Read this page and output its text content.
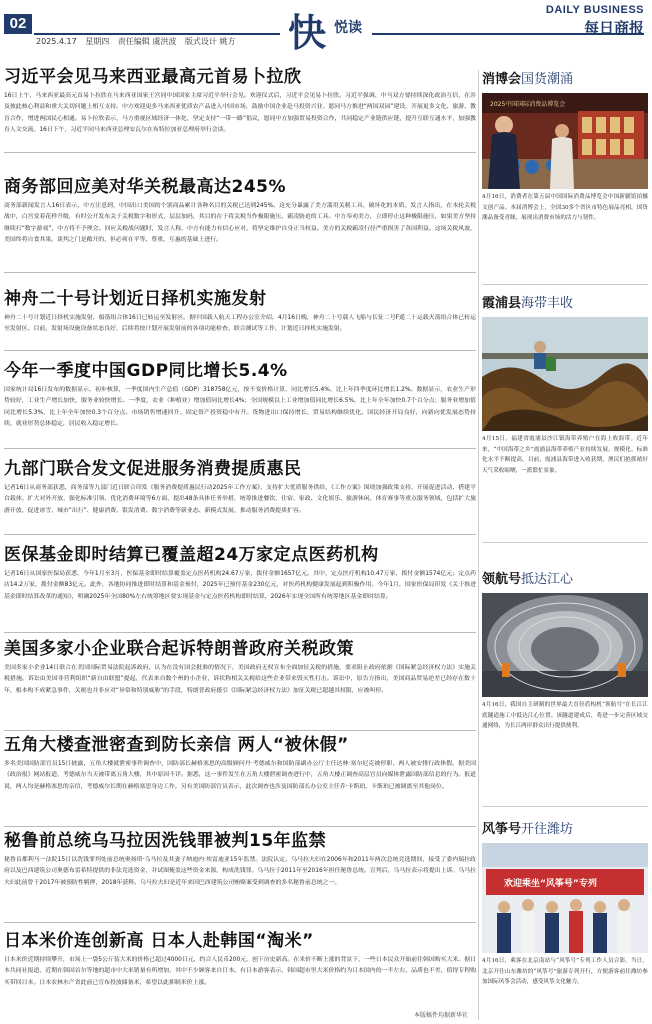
02
2025.4.17 星期四 责任编辑 虞洪波 版式设计 姚方 快 悦读
DAILY BUSINESS
每日商报
习近平会见马来西亚最高元首易卜拉欣
16日上午，马来西亚最高元首易卜拉欣在马来西亚国家王宫同中国国家主席习近平举行会见。欢迎仪式后，习近平会见易卜拉欣。习近平强调，中马双方要持续深化政治互信，在涉及彼此核心利益和重大关切问题上相互支持。中方欢迎更多马来西亚优质农产品进入中国市场，鼓励中国企业赴马投资兴业。愿同马方推进“两国双园”建设，开展更多文化、旅游、教育合作，增进两国民心相通。易卜拉欣表示，马方重视区域经济一体化，坚定支持“一带一路”倡议，愿同中方加强贸易投资合作，共同稳定产业链供应链，提升互联互通水平，加强教育人文交流。16日下午，习近平同马来西亚总理安瓦尔在布特拉加亚总理府举行会谈。
商务部回应美对华关税最高达245%
商务部新闻发言人16日表示，中方注意到，中国出口美国的个别商品累计各种名目的关税已达到245%。这充分暴露了美方滥用关税工具、破坏化的本质。发言人指出，在本轮关税战中，白宫变着花样升级，有时公开发布关于关税数字和形式，层层加码，其目的在于将关税当作极限施压、霸凌胁迫的工具。中方奉劝美方，立即停止这种极限施压，如果美方坚持继续打“数字游戏”，中方将不予理会。回应关税战问题时，发言人称，中方有能力有信心应对，将坚定维护自身正当权益。美方的关税霸凌行径严重损害了各国利益。这场关税风波，美国终将自食其果。谈判之门是敞开的，但必须在平等、尊重、互惠的基础上进行。
神舟二十号计划近日择机实施发射
神舟二十号计划近日择机实施发射，船箭组合体16日已转运至发射区。据中国载人航天工程办公室介绍，4月16日晚，神舟二十号载人飞船与长征二号F遥二十运载火箭组合体已转运至发射区。目前，发射场设施设备状态良好，后续将按计划开展发射前的各项功能检查、联合测试等工作，计划近日择机实施发射。
今年一季度中国GDP同比增长5.4%
国家统计局16日发布的数据显示，初步核算，一季度国内生产总值（GDP）318758亿元，按不变价格计算，同比增长5.4%，比上年四季度环比增长1.2%。数据显示，农业生产形势较好，工业生产增长加快，服务业较快增长。一季度，农业（种植业）增加值同比增长4%；全国规模以上工业增加值同比增长6.5%，比上年全年加快0.7个百分点；服务业增加值同比增长5.3%，比上年全年加快0.3个百分点。市场销售增速回升，固定资产投资稳中有升。货物进出口保持增长，贸易结构继续优化。国民经济开局良好，向新向优发展态势持续，就业形势总体稳定，居民收入稳定增长。
九部门联合发文促进服务消费提质惠民
记者16日从商务部获悉，商务部等九部门近日联合印发《服务消费提质惠民行动2025年工作方案》，支持扩大优质服务供给，《工作方案》围绕加强政策支持、开展促进活动、搭建平台载体、扩大对外开放、强化标准引领、优化消费环境等6方面，提出48条具体任务举措，统筹推进餐饮、住宿、家政、文化娱乐、旅游休闲、体育赛事等重点服务领域，包括扩大旅游开放、促进冰雪、城市“出行”、健康消费、银发消费、数字消费等新业态、新模式发展，推动服务消费提质扩容。
医保基金即时结算已覆盖超24万家定点医药机构
记者16日从国家医保局获悉，今年1月至3月，医保基金即时结算覆盖定点医药机构24.67万家，拨付金额1657亿元。其中，定点医疗机构10.47万家，拨付金额1574亿元；定点药店14.2万家，拨付金额83亿元。此外，各地协同推进即时结算和基金预付，2025年已预付基金230亿元，对医药机构健康发展起到积极作用。今年1月，国家医保局印发《关于推进基金即时结算改革的通知》，明确2025年全国80%左右统筹地区要实现基金与定点医药机构即时结算，2026年实现全国所有统筹地区基金即时结算。
美国多家小企业联合起诉特朗普政府关税政策
美国多家小企业14日联合在美国国际贸易法院起诉政府，认为在没有国会批准的情况下，美国政府无权宣布全面加征关税的措施，要求阻止政府依据《国际紧急经济权力法》实施关税措施。诉讼由美国非营利组织“新自由联盟”提起，代表来自数个州的小企业，诉状称相关关税给这些企业带来毁灭性打击。诉讼中，原告方指出，美国商品贸易逆差已经存在数十年，根本构不成紧急事件，关税也并非应对“异常和特别威胁”的手段，特朗普政府援引《国际紧急经济权力法》加征关税已超越其权限，应被叫停。
五角大楼查泄密查到防长亲信 两人“被休假”
多名美国国防部官员15日披露，五角大楼就泄密事件调查中，国防部长赫格塞思的高级顾问丹·考德威尔和国防部副办公厅主任达林·塞尔尼克被停职，两人被安排行政休假。据美国《政治报》网站报道，考德威尔当天被带离五角大楼，其中原因不详。据悉，这一事件发生在五角大楼泄密调查进行中，五角大楼正调查高层官员向媒体泄露国防部信息的行为。报道说，两人均是赫格塞思的亲信，考德威尔长期在赫格塞思身边工作。另有美国防部官员表示，此次调查也涉及国防部长办公室主任乔·卡斯珀，卡斯珀已被调离至其他岗位。
秘鲁前总统乌马拉因洗钱罪被判15年监禁
秘鲁首都利马一法院15日以洗钱罪判处前总统奥扬塔·乌马拉及其妻子纳迪内·埃雷迪亚15年监禁。法院认定，乌马拉夫妇在2006年和2011年两次总统竞选期间，接受了委内瑞拉政府以及巴西建筑公司奥德布雷希特提供的非法竞选资金，并试图掩盖这些资金来源，构成洗钱罪。乌马拉于2011年至2016年担任秘鲁总统。宣判后，乌马拉表示将提出上诉。乌马拉夫妇此前曾于2017年被预防性羁押，2018年获释。乌马拉夫妇是近年来因巴西建筑公司贿赂案受到调查的多名秘鲁前总统之一。
日本米价连创新高 日本人赴韩国“淘米”
日本米价近期持续攀升，市场上一袋5公斤装大米的价格已超过4000日元，约合人民币200元，创下历史新高。在米价不断上涨的背景下，一些日本民众开始前往韩国购买大米。据日本共同社报道，近期在韩国首尔等地的超市中大米销量有所增加，其中不少顾客来自日本。有日本游客表示，韩国超市里大米价格约为日本国内的一半左右，品质也不差，值得专程购买带回日本。日本农林水产省此前已宣布投放储备米，希望以此抑制米价上涨。
本版稿件均据新华社
消博会国货潮涌
2025中国国际消费品博览会
4月16日，消费者在第五届中国国际消费品博览会中国新疆馆拍摄文创产品。本届消博会上，全国30多个省区市特色展品亮相，国货潮品备受青睐，展现出消费市场的活力与韧性。
霞浦县海带丰收
4月15日，福建省霞浦县沙江镇海带养殖户在海上收海带。近年来，“中国海带之乡”霞浦县海带养殖产业持续发展，规模化、标准化水平不断提高。目前，霞浦县海带进入收获期，渔民们抢抓晴好天气采收晾晒，一派繁忙景象。
领航号抵达江心
4月16日，我国自主研制的世界最大直径盾构机“领航号”在长江江底隧道施工中抵达江心位置。该隧道建成后，将进一步完善区域交通网络，为长江两岸群众出行提供便利。
风筝号开往潍坊
欢迎乘坐“风筝号”专列
4月16日，乘客在北京南站与“风筝号”专列工作人员合影。当日，北京开往山东潍坊的“风筝号”旅游专列开行，方便游客前往潍坊参加国际风筝会活动，感受风筝文化魅力。
